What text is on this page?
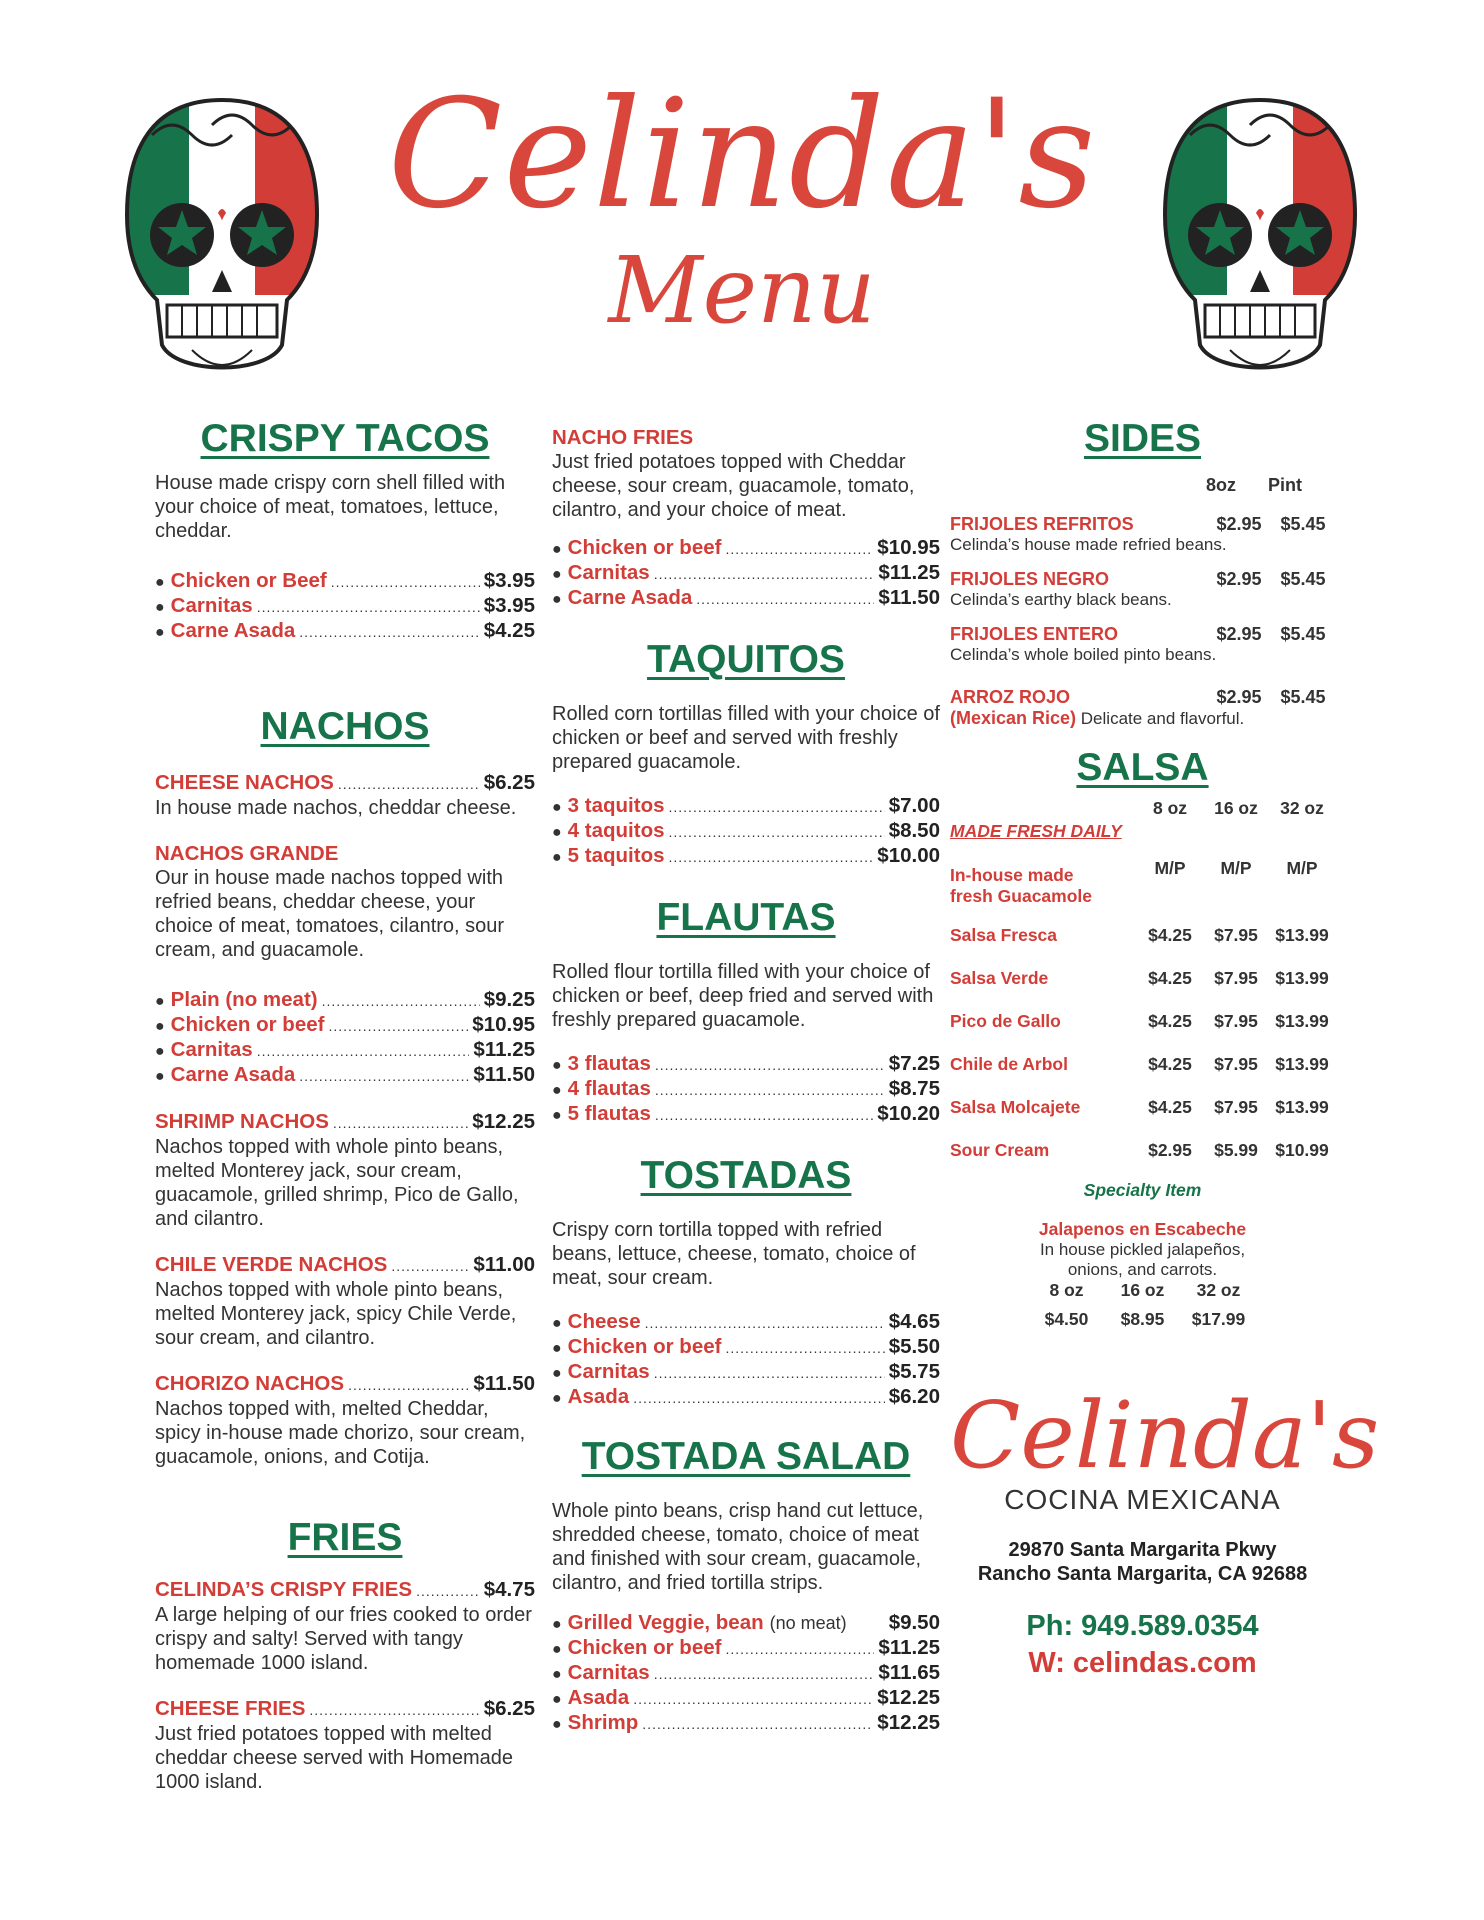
Celinda's
Menu
CRISPY TACOS
House made crispy corn shell filled with your choice of meat, tomatoes, lettuce, cheddar.
● Chicken or Beef .....	$3.95
● Carnitas .....	$3.95
● Carne Asada .....	$4.25
NACHOS
CHEESE NACHOS .....	$6.25
In house made nachos, cheddar cheese.
NACHOS GRANDE
Our in house made nachos topped with refried beans, cheddar cheese, your choice of meat, tomatoes, cilantro, sour cream, and guacamole.
● Plain (no meat) .....	$9.25
● Chicken or beef .....	$10.95
● Carnitas .....	$11.25
● Carne Asada .....	$11.50
SHRIMP NACHOS .....	$12.25
Nachos topped with whole pinto beans, melted Monterey jack, sour cream, guacamole, grilled shrimp, Pico de Gallo, and cilantro.
CHILE VERDE NACHOS .....	$11.00
Nachos topped with whole pinto beans, melted Monterey jack, spicy Chile Verde, sour cream, and cilantro.
CHORIZO NACHOS .....	$11.50
Nachos topped with, melted Cheddar, spicy in-house made chorizo, sour cream, guacamole, onions, and Cotija.
FRIES
CELINDA’S CRISPY FRIES .....	$4.75
A large helping of our fries cooked to order crispy and salty! Served with tangy homemade 1000 island.
CHEESE FRIES .....	$6.25
Just fried potatoes topped with melted cheddar cheese served with Homemade 1000 island.
NACHO FRIES
Just fried potatoes topped with Cheddar cheese, sour cream, guacamole, tomato, cilantro, and your choice of meat.
● Chicken or beef .....	$10.95
● Carnitas .....	$11.25
● Carne Asada .....	$11.50
TAQUITOS
Rolled corn tortillas filled with your choice of chicken or beef and served with freshly prepared guacamole.
● 3 taquitos .....	$7.00
● 4 taquitos .....	$8.50
● 5 taquitos .....	$10.00
FLAUTAS
Rolled flour tortilla filled with your choice of chicken or beef, deep fried and served with freshly prepared guacamole.
● 3 flautas .....	$7.25
● 4 flautas .....	$8.75
● 5 flautas .....	$10.20
TOSTADAS
Crispy corn tortilla topped with refried beans, lettuce, cheese, tomato, choice of meat, sour cream.
● Cheese .....	$4.65
● Chicken or beef .....	$5.50
● Carnitas .....	$5.75
● Asada .....	$6.20
TOSTADA SALAD
Whole pinto beans, crisp hand cut lettuce, shredded cheese, tomato, choice of meat and finished with sour cream, guacamole, cilantro, and fried tortilla strips.
● Grilled Veggie, bean (no meat) $9.50
● Chicken or beef .....	$11.25
● Carnitas .....	$11.65
● Asada .....	$12.25
● Shrimp .....	$12.25
SIDES
8oz	Pint
FRIJOLES REFRITOS	$2.95	$5.45
Celinda’s house made refried beans.
FRIJOLES NEGRO	$2.95	$5.45
Celinda’s earthy black beans.
FRIJOLES ENTERO	$2.95	$5.45
Celinda’s whole boiled pinto beans.
ARROZ ROJO	$2.95	$5.45
(Mexican Rice) Delicate and flavorful.
SALSA
8 oz	16 oz	32 oz
MADE FRESH DAILY
In-house made
fresh Guacamole
M/P	M/P	M/P
Salsa Fresca	$4.25	$7.95 $13.99
Salsa Verde	$4.25	$7.95 $13.99
Pico de Gallo	$4.25	$7.95 $13.99
Chile de Arbol	$4.25	$7.95 $13.99
Salsa Molcajete	$4.25	$7.95 $13.99
Sour Cream	$2.95	$5.99 $10.99
Specialty Item
Jalapenos en Escabeche
In house pickled jalapeños,
onions, and carrots.
8 oz	16 oz	32 oz
$4.50	$8.95	$17.99
Celinda's
COCINA MEXICANA
29870 Santa Margarita Pkwy
Rancho Santa Margarita, CA 92688
Ph: 949.589.0354
W: celindas.com
